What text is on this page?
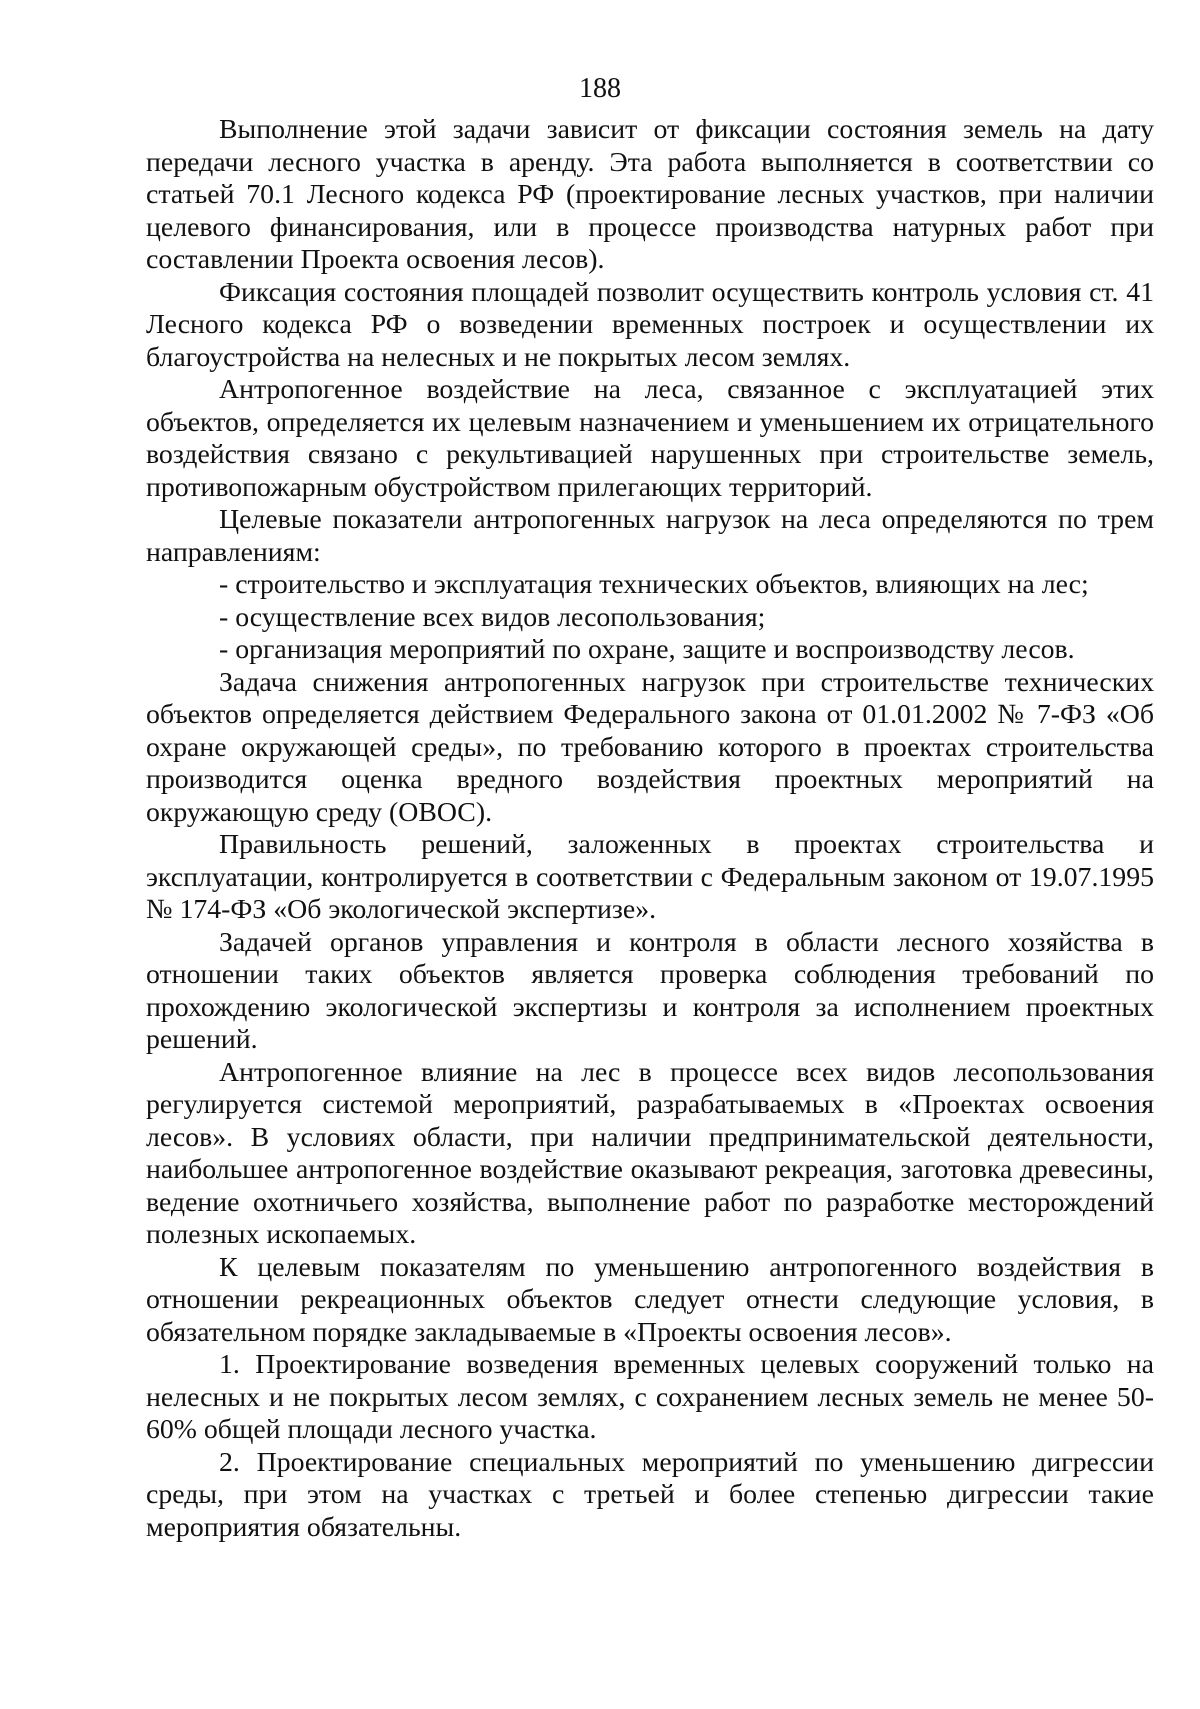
188

Выполнение этой задачи зависит от фиксации состояния земель на дату передачи лесного участка в аренду. Эта работа выполняется в соответствии со статьей 70.1 Лесного кодекса РФ (проектирование лесных участков, при наличии целевого финансирования, или в процессе производства натурных работ при составлении Проекта освоения лесов).

Фиксация состояния площадей позволит осуществить контроль условия ст. 41 Лесного кодекса РФ о возведении временных построек и осуществлении их благоустройства на нелесных и не покрытых лесом землях.

Антропогенное воздействие на леса, связанное с эксплуатацией этих объектов, определяется их целевым назначением и уменьшением их отрицательного воздействия связано с рекультивацией нарушенных при строительстве земель, противопожарным обустройством прилегающих территорий.

Целевые показатели антропогенных нагрузок на леса определяются по трем направлениям:

- строительство и эксплуатация технических объектов, влияющих на лес;

- осуществление всех видов лесопользования;

- организация мероприятий по охране, защите и воспроизводству лесов.

Задача снижения антропогенных нагрузок при строительстве технических объектов определяется действием Федерального закона от 01.01.2002 № 7-ФЗ «Об охране окружающей среды», по требованию которого в проектах строительства производится оценка вредного воздействия проектных мероприятий на окружающую среду (ОВОС).

Правильность решений, заложенных в проектах строительства и эксплуатации, контролируется в соответствии с Федеральным законом от 19.07.1995 № 174-ФЗ «Об экологической экспертизе».

Задачей органов управления и контроля в области лесного хозяйства в отношении таких объектов является проверка соблюдения требований по прохождению экологической экспертизы и контроля за исполнением проектных решений.

Антропогенное влияние на лес в процессе всех видов лесопользования регулируется системой мероприятий, разрабатываемых в «Проектах освоения лесов». В условиях области, при наличии предпринимательской деятельности, наибольшее антропогенное воздействие оказывают рекреация, заготовка древесины, ведение охотничьего хозяйства, выполнение работ по разработке месторождений полезных ископаемых.

К целевым показателям по уменьшению антропогенного воздействия в отношении рекреационных объектов следует отнести следующие условия, в обязательном порядке закладываемые в «Проекты освоения лесов».

1. Проектирование возведения временных целевых сооружений только на нелесных и не покрытых лесом землях, с сохранением лесных земель не менее 50-60% общей площади лесного участка.

2. Проектирование специальных мероприятий по уменьшению дигрессии среды, при этом на участках с третьей и более степенью дигрессии такие мероприятия обязательны.
